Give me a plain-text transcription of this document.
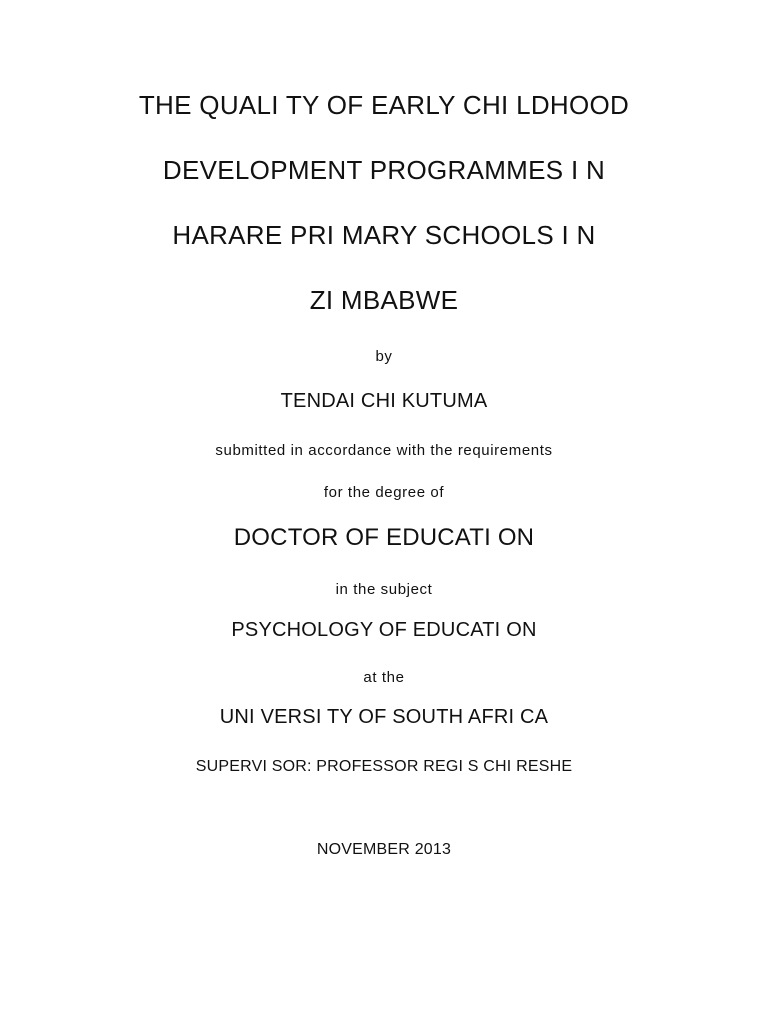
THE QUALI TY OF EARLY CHI LDHOOD
DEVELOPMENT PROGRAMMES I N
HARARE PRI MARY SCHOOLS I N
ZI MBABWE
by
TENDAI CHI KUTUMA
submitted in accordance with the requirements
for the degree of
DOCTOR OF EDUCATI ON
in the subject
PSYCHOLOGY OF EDUCATI ON
at the
UNI VERSI TY OF SOUTH AFRI CA
SUPERVI SOR: PROFESSOR REGI S CHI RESHE
NOVEMBER 2013
